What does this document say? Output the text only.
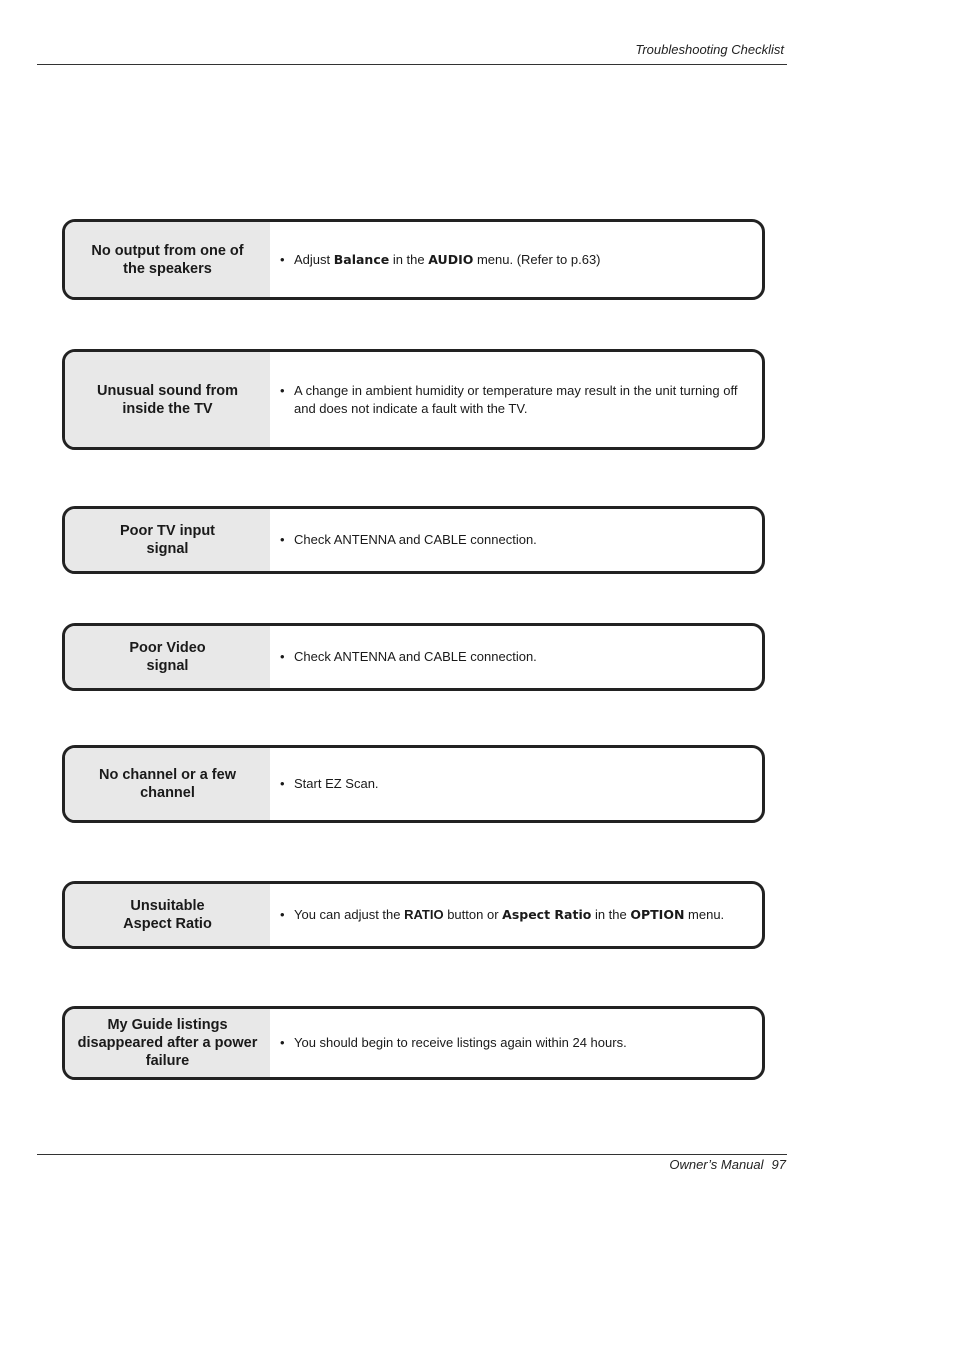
Troubleshooting Checklist
No output from one of
the speakers
• Adjust Balance in the AUDIO menu. (Refer to p.63)
Unusual sound from
inside the TV
• A change in ambient humidity or temperature may result in the unit turning off and does not indicate a fault with the TV.
Poor TV input
signal
• Check ANTENNA and CABLE connection.
Poor Video
signal
• Check ANTENNA and CABLE connection.
No channel or a few
channel
• Start EZ Scan.
Unsuitable
Aspect Ratio
• You can adjust the RATIO button or Aspect Ratio in the OPTION menu.
My Guide listings
disappeared after a power
failure
• You should begin to receive listings again within 24 hours.
Owner’s Manual 97
